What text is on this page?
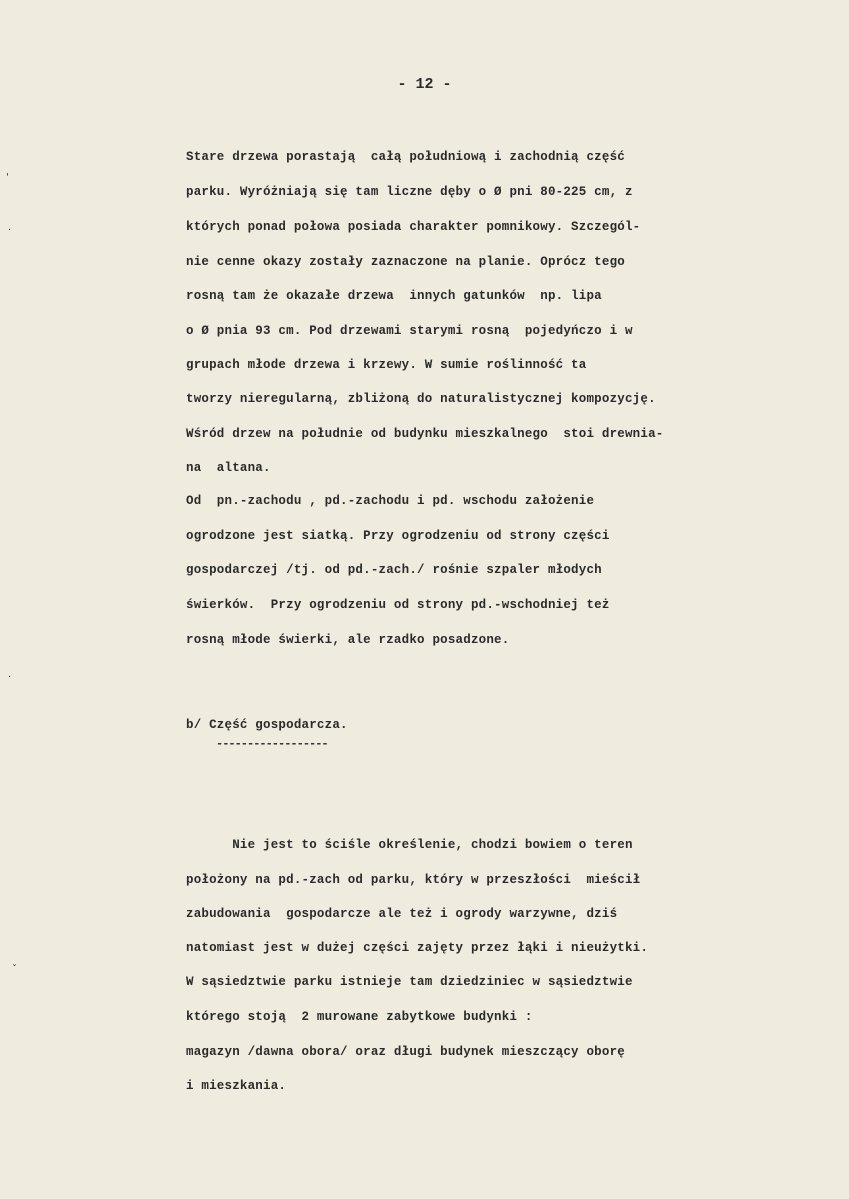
- 12 -
Stare drzewa porastają  całą południową i zachodnią część
parku. Wyróżniają się tam liczne dęby o Ø pni 80-225 cm, z
których ponad połowa posiada charakter pomnikowy. Szczegól-
nie cenne okazy zostały zaznaczone na planie. Oprócz tego
rosną tam że okazałe drzewa  innych gatunków  np. lipa
o Ø pnia 93 cm. Pod drzewami starymi rosną  pojedyńczo i w
grupach młode drzewa i krzewy. W sumie roślinność ta
tworzy nieregularną, zbliżoną do naturalistycznej kompozycję.
Wśród drzew na południe od budynku mieszkalnego  stoi drewnia-
na  altana.
Od  pn.-zachodu , pd.-zachodu i pd. wschodu założenie
ogrodzone jest siatką. Przy ogrodzeniu od strony części
gospodarczej /tj. od pd.-zach./ rośnie szpaler młodych
świerków.  Przy ogrodzeniu od strony pd.-wschodniej też
rosną młode świerki, ale rzadko posadzone.
b/ Część gospodarcza.
------------------
Nie jest to ściśle określenie, chodzi bowiem o teren
położony na pd.-zach od parku, który w przeszłości  mieścił
zabudowania  gospodarcze ale też i ogrody warzywne, dziś
natomiast jest w dużej części zajęty przez łąki i nieużytki.
W sąsiedztwie parku istnieje tam dziedziniec w sąsiedztwie
którego stoją  2 murowane zabytkowe budynki :
magazyn /dawna obora/ oraz długi budynek mieszczący oborę
i mieszkania.
'
·
·
ˇ
